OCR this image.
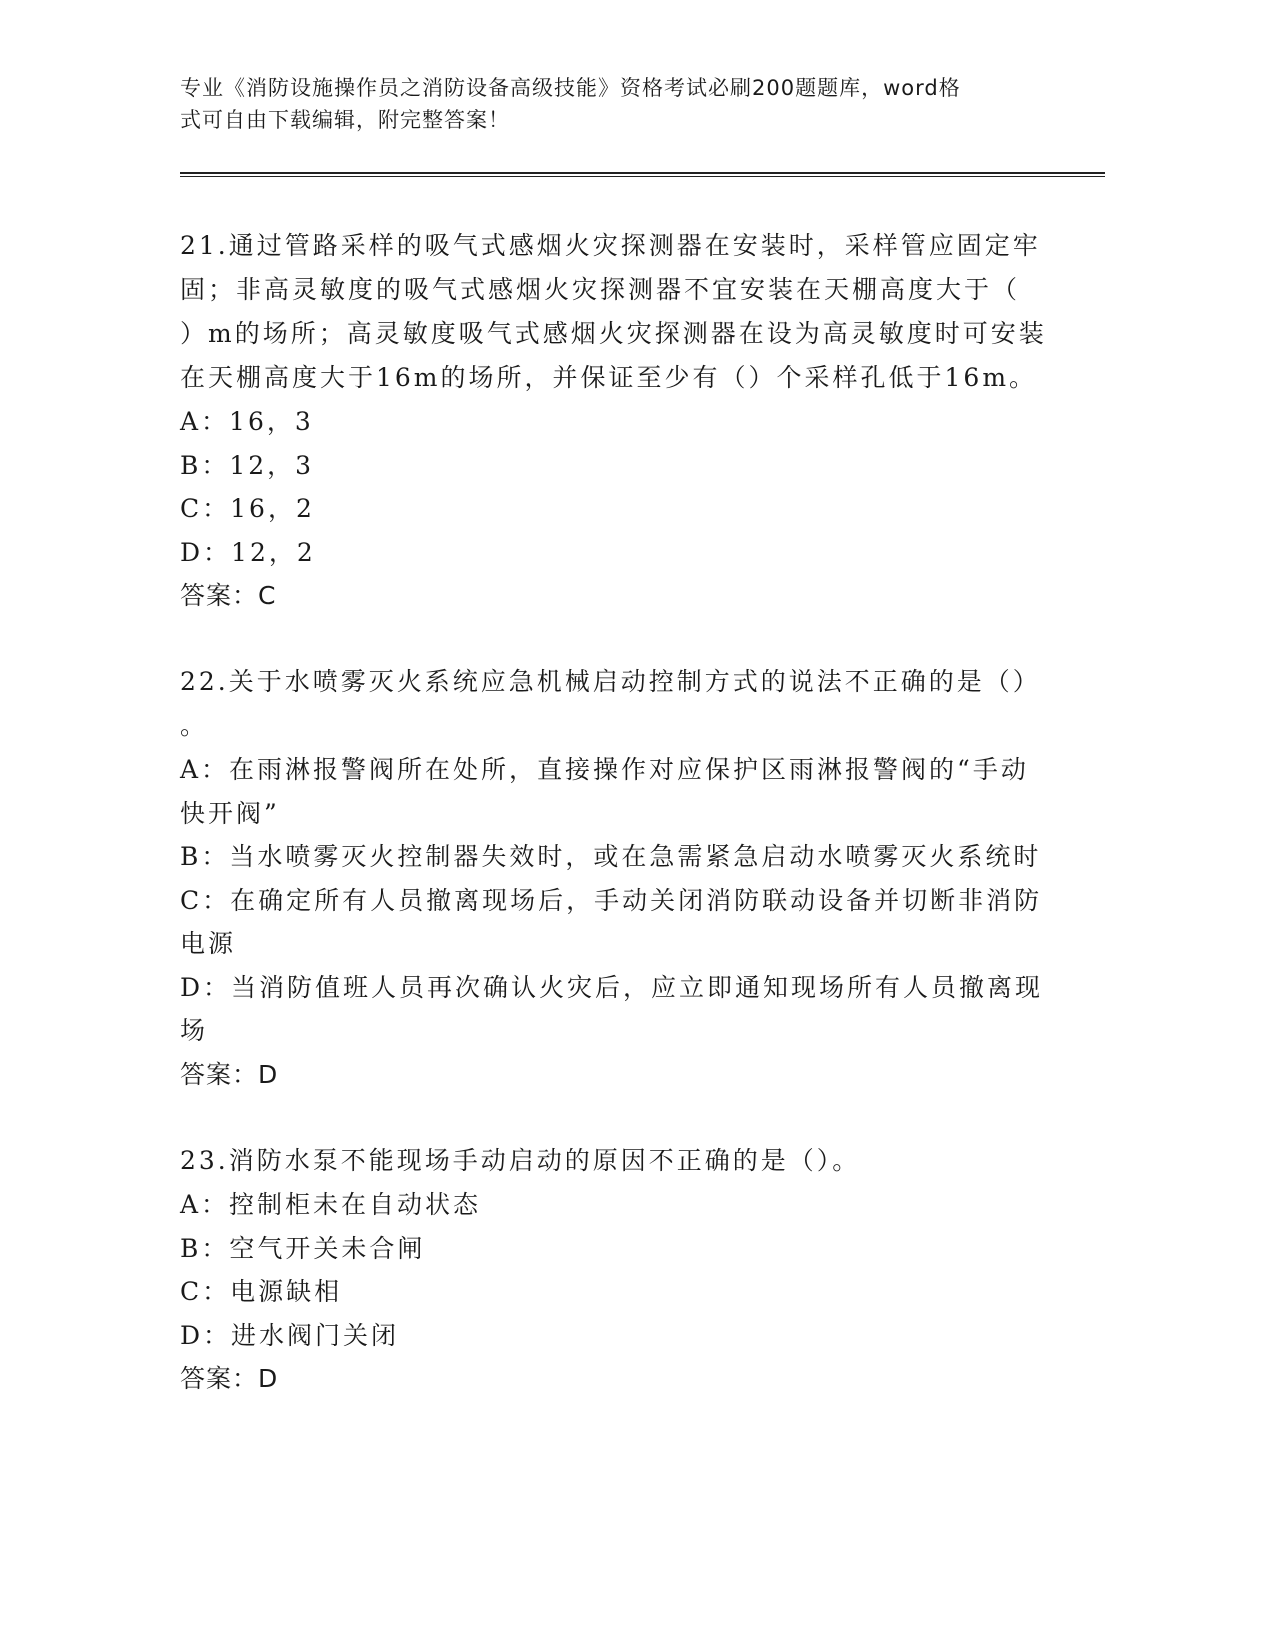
专业《消防设施操作员之消防设备高级技能》资格考试必刷200题题库，word格
式可自由下载编辑，附完整答案！

21.通过管路采样的吸气式感烟火灾探测器在安装时，采样管应固定牢

固；非高灵敏度的吸气式感烟火灾探测器不宜安装在天棚高度大于（

）m的场所；高灵敏度吸气式感烟火灾探测器在设为高灵敏度时可安装

在天棚高度大于16m的场所，并保证至少有（）个采样孔低于16m。

A：16，3

B：12，3

C：16，2

D：12，2

答案：C

22.关于水喷雾灭火系统应急机械启动控制方式的说法不正确的是（）

。

A：在雨淋报警阀所在处所，直接操作对应保护区雨淋报警阀的“手动

快开阀”

B：当水喷雾灭火控制器失效时，或在急需紧急启动水喷雾灭火系统时

C：在确定所有人员撤离现场后，手动关闭消防联动设备并切断非消防

电源

D：当消防值班人员再次确认火灾后，应立即通知现场所有人员撤离现

场

答案：D

23.消防水泵不能现场手动启动的原因不正确的是（）。

A：控制柜未在自动状态

B：空气开关未合闸

C：电源缺相

D：进水阀门关闭

答案：D
